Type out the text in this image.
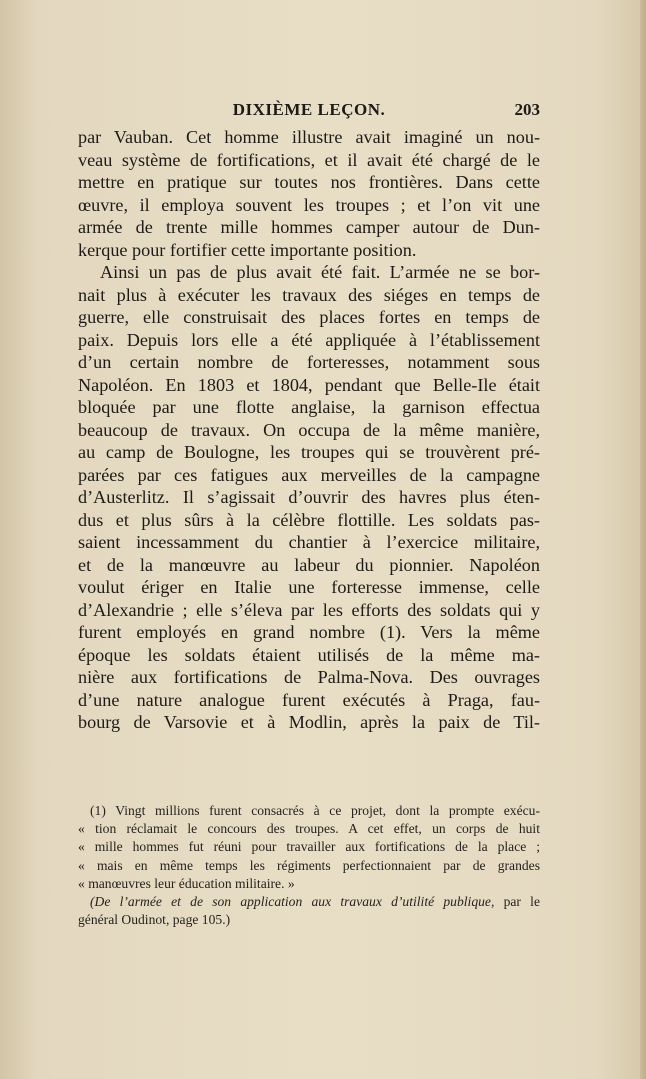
DIXIÈME LEÇON.	203

par Vauban. Cet homme illustre avait imaginé un nou-

veau système de fortifications, et il avait été chargé de le

mettre en pratique sur toutes nos frontières. Dans cette

œuvre, il employa souvent les troupes ; et l’on vit une

armée de trente mille hommes camper autour de Dun-

kerque pour fortifier cette importante position.

Ainsi un pas de plus avait été fait. L’armée ne se bor-

nait plus à exécuter les travaux des siéges en temps de

guerre, elle construisait des places fortes en temps de

paix. Depuis lors elle a été appliquée à l’établissement

d’un certain nombre de forteresses, notamment sous

Napoléon. En 1803 et 1804, pendant que Belle-Ile était

bloquée par une flotte anglaise, la garnison effectua

beaucoup de travaux. On occupa de la même manière,

au camp de Boulogne, les troupes qui se trouvèrent pré-

parées par ces fatigues aux merveilles de la campagne

d’Austerlitz. Il s’agissait d’ouvrir des havres plus éten-

dus et plus sûrs à la célèbre flottille. Les soldats pas-

saient incessamment du chantier à l’exercice militaire,

et de la manœuvre au labeur du pionnier. Napoléon

voulut ériger en Italie une forteresse immense, celle

d’Alexandrie ; elle s’éleva par les efforts des soldats qui y

furent employés en grand nombre (1). Vers la même

époque les soldats étaient utilisés de la même ma-

nière aux fortifications de Palma-Nova. Des ouvrages

d’une nature analogue furent exécutés à Praga, fau-

bourg de Varsovie et à Modlin, après la paix de Til-

(1) Vingt millions furent consacrés à ce projet, dont la prompte exécu-

« tion réclamait le concours des troupes. A cet effet, un corps de huit

« mille hommes fut réuni pour travailler aux fortifications de la place ;

« mais en même temps les régiments perfectionnaient par de grandes

« manœuvres leur éducation militaire. »

(De l’armée et de son application aux travaux d’utilité publique, par le

général Oudinot, page 105.)
